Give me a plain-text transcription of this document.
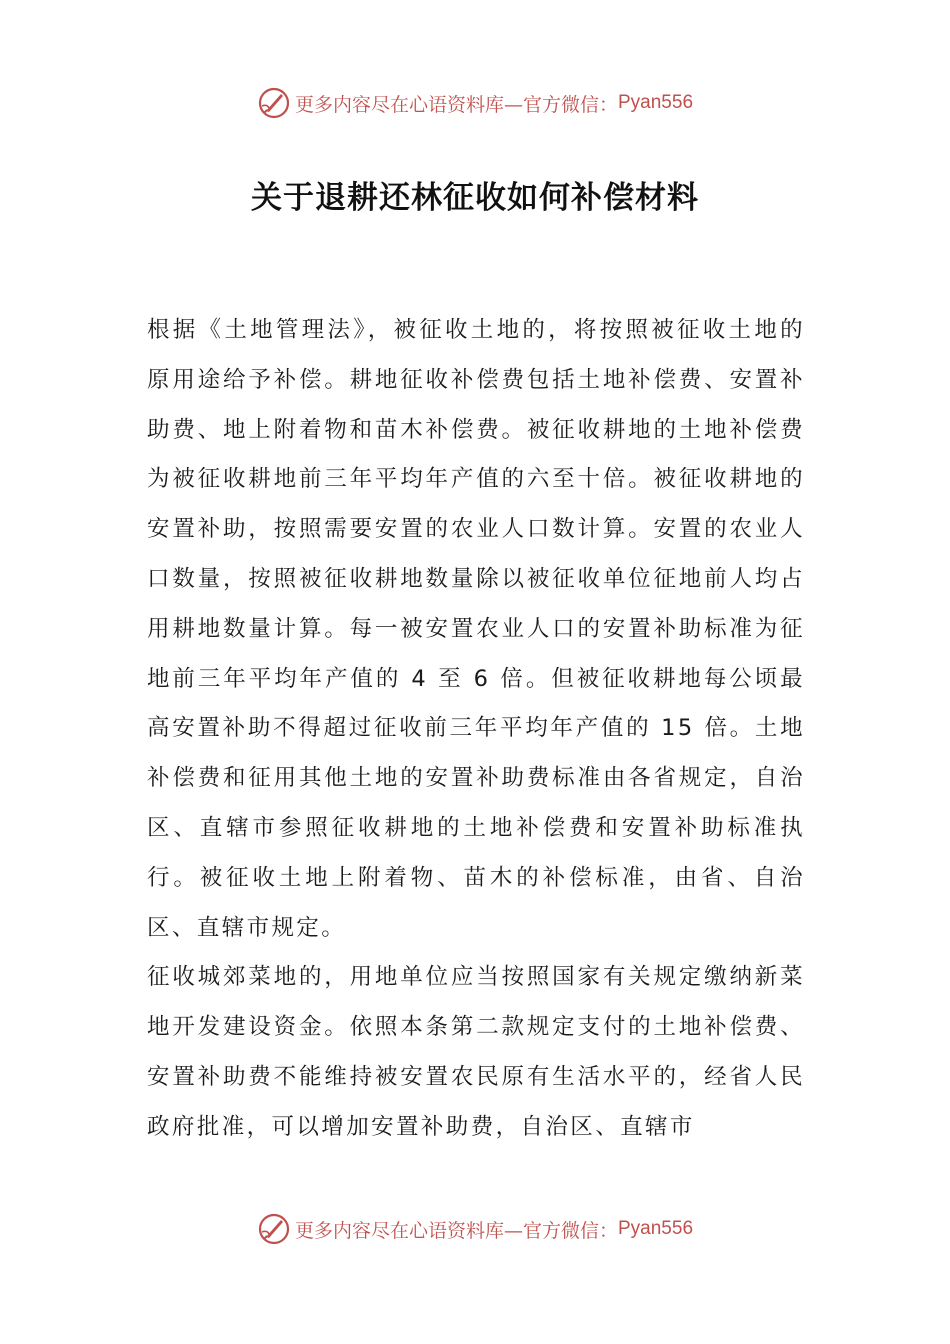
更多内容尽在心语资料库—官方微信： Pyan556
关于退耕还林征收如何补偿材料

根据《土地管理法》，被征收土地的，将按照被征收土地的原用途给予补偿。耕地征收补偿费包括土地补偿费、安置补助费、地上附着物和苗木补偿费。被征收耕地的土地补偿费为被征收耕地前三年平均年产值的六至十倍。被征收耕地的安置补助，按照需要安置的农业人口数计算。安置的农业人口数量，按照被征收耕地数量除以被征收单位征地前人均占用耕地数量计算。每一被安置农业人口的安置补助标准为征地前三年平均年产值的 4 至 6 倍。但被征收耕地每公顷最高安置补助不得超过征收前三年平均年产值的 15 倍。土地补偿费和征用其他土地的安置补助费标准由各省规定，自治区、直辖市参照征收耕地的土地补偿费和安置补助标准执行。被征收土地上附着物、苗木的补偿标准，由省、自治区、直辖市规定。

征收城郊菜地的，用地单位应当按照国家有关规定缴纳新菜地开发建设资金。依照本条第二款规定支付的土地补偿费、安置补助费不能维持被安置农民原有生活水平的，经省人民政府批准，可以增加安置补助费，自治区、直辖市

更多内容尽在心语资料库—官方微信： Pyan556
